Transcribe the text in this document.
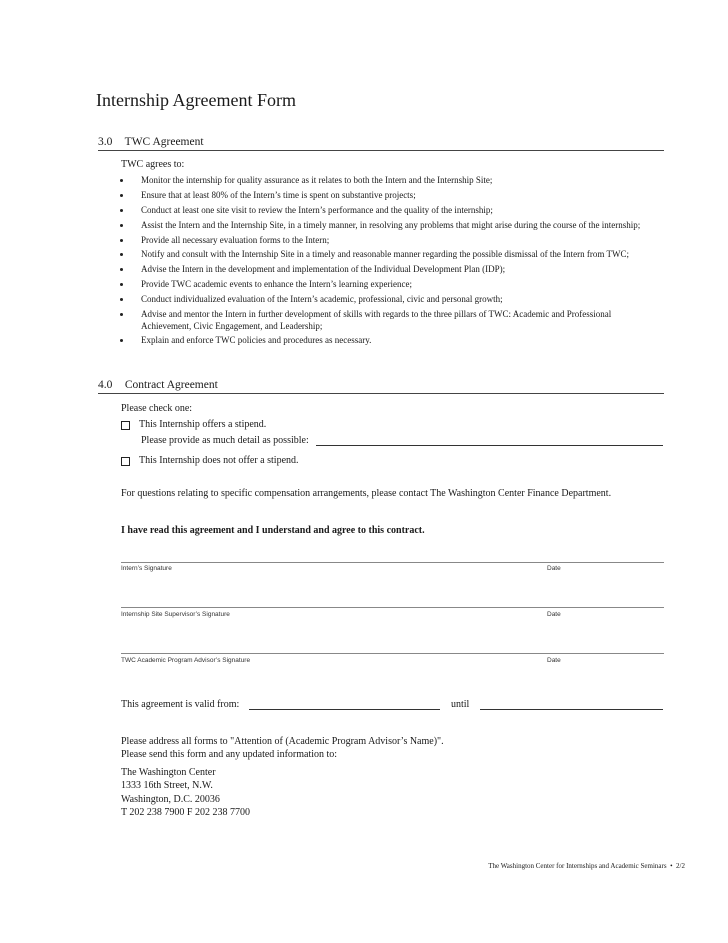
Internship Agreement Form
3.0 TWC Agreement
TWC agrees to:
Monitor the internship for quality assurance as it relates to both the Intern and the Internship Site;
Ensure that at least 80% of the Intern’s time is spent on substantive projects;
Conduct at least one site visit to review the Intern’s performance and the quality of the internship;
Assist the Intern and the Internship Site, in a timely manner, in resolving any problems that might arise during the course of the internship;
Provide all necessary evaluation forms to the Intern;
Notify and consult with the Internship Site in a timely and reasonable manner regarding the possible dismissal of the Intern from TWC;
Advise the Intern in the development and implementation of the Individual Development Plan (IDP);
Provide TWC academic events to enhance the Intern’s learning experience;
Conduct individualized evaluation of the Intern’s academic, professional, civic and personal growth;
Advise and mentor the Intern in further development of skills with regards to the three pillars of TWC: Academic and Professional Achievement, Civic Engagement, and Leadership;
Explain and enforce TWC policies and procedures as necessary.
4.0 Contract Agreement
Please check one:
This Internship offers a stipend.
Please provide as much detail as possible:
This Internship does not offer a stipend.
For questions relating to specific compensation arrangements, please contact The Washington Center Finance Department.
I have read this agreement and I understand and agree to this contract.
Intern’s Signature	Date
Internship Site Supervisor’s Signature	Date
TWC Academic Program Advisor’s Signature	Date
This agreement is valid from:	until
Please address all forms to "Attention of (Academic Program Advisor’s Name)".
Please send this form and any updated information to:
The Washington Center
1333 16th Street, N.W.
Washington, D.C. 20036
T 202 238 7900 F 202 238 7700
The Washington Center for Internships and Academic Seminars  •  2/2
